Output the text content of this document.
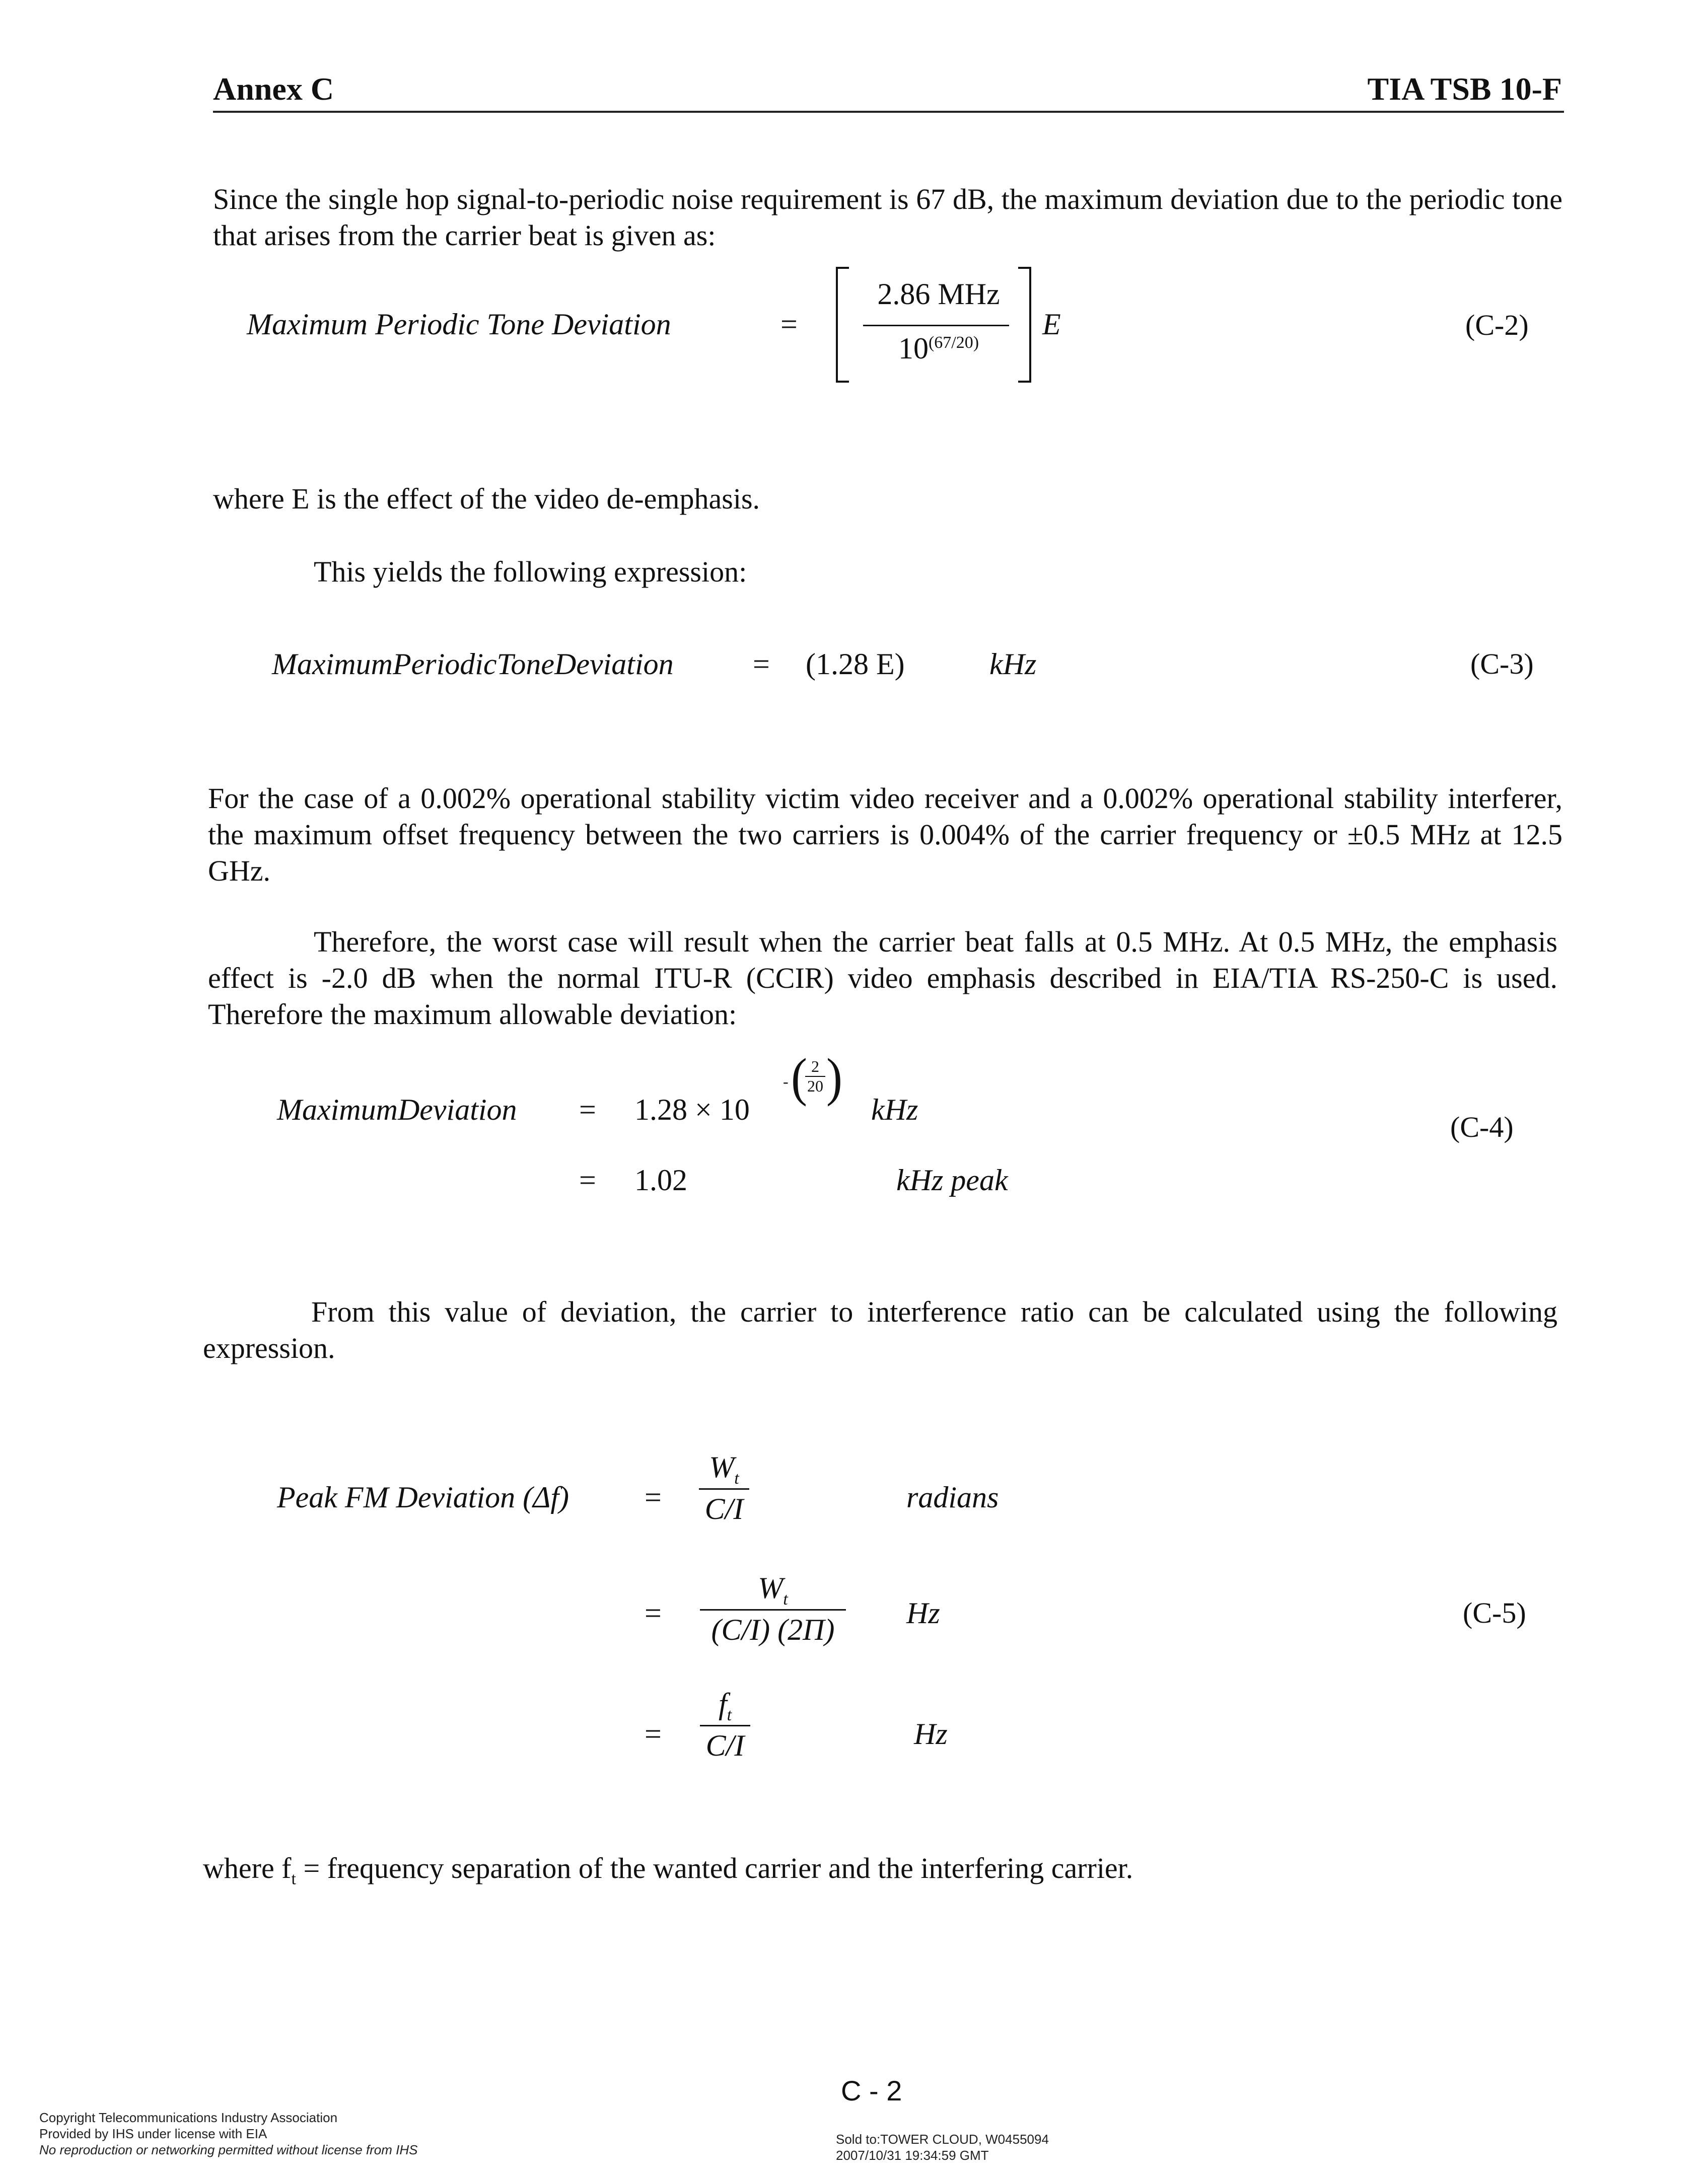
Annex C	TIA TSB 10-F
Since the single hop signal-to-periodic noise requirement is 67 dB, the maximum deviation due to the periodic tone that arises from the carrier beat is given as:
Maximum Periodic Tone Deviation	=
2.86 MHz
$10^{(67/20)}$
E	(C-2)
where E is the effect of the video de-emphasis.
This yields the following expression:
MaximumPeriodicToneDeviation	= (1.28 E)	kHz	(C-3)
For the case of a 0.002% operational stability victim video receiver and a 0.002% operational stability interferer, the maximum offset frequency between the two carriers is 0.004% of the carrier frequency or ±0.5 MHz at 12.5 GHz.
Therefore, the worst case will result when the carrier beat falls at 0.5 MHz. At 0.5 MHz, the emphasis effect is -2.0 dB when the normal ITU-R (CCIR) video emphasis described in EIA/TIA RS-250-C is used. Therefore the maximum allowable deviation:
MaximumDeviation = 1.28 × 10
- ( 2
20 )
kHz
(C-4)
= 1.02	kHz peak
From this value of deviation, the carrier to interference ratio can be calculated using the following expression.
Peak FM Deviation (Δf)	=
$W_t$
C/I	radians
=
$W_t$
(C/I) (2Π)	Hz	(C-5)
=
$f_t$
C/I	Hz
where $f_t$ = frequency separation of the wanted carrier and the interfering carrier.
C - 2
Copyright Telecommunications Industry Association
Provided by IHS under license with EIA
No reproduction or networking permitted without license from IHS
Sold to:TOWER CLOUD, W0455094
2007/10/31 19:34:59 GMT
